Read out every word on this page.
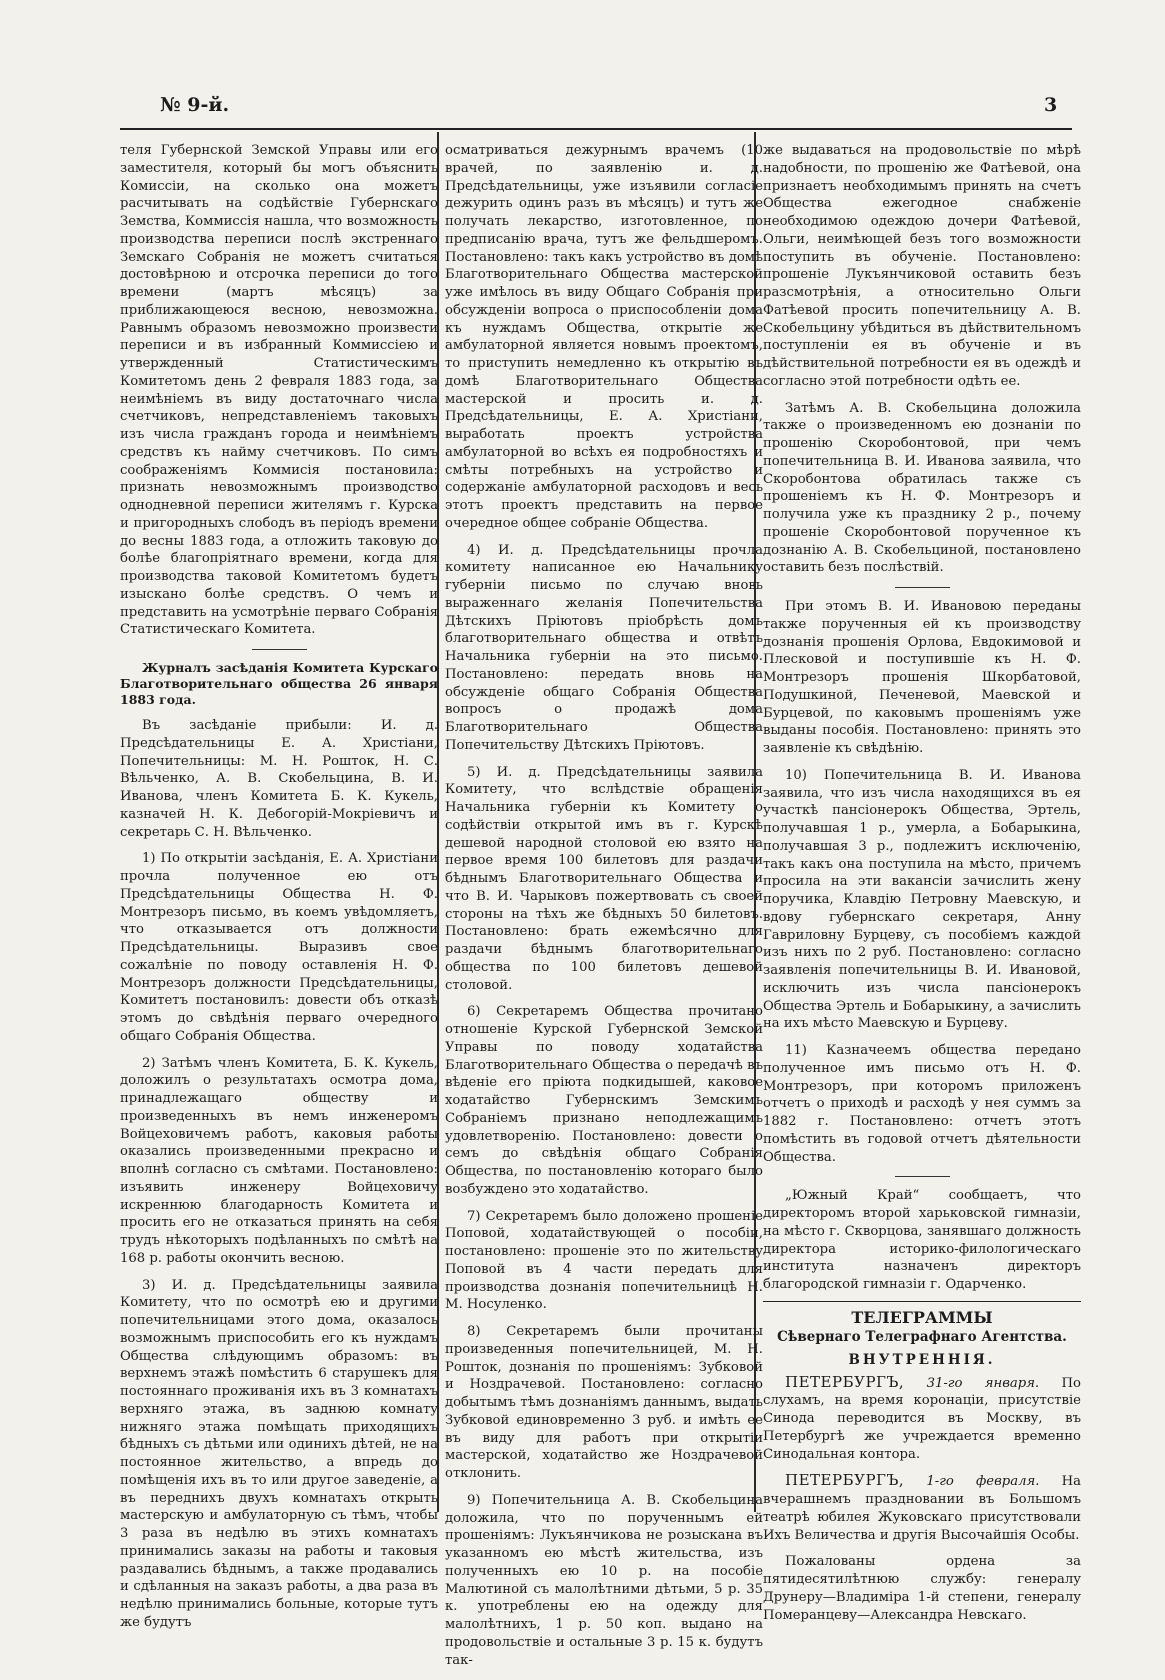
№ 9-й.	3

теля Губернской Земской Управы или его заместителя, который бы могъ объяснить Комиссiи, на сколько она можетъ расчитывать на содѣйствiе Губернскаго Земства, Коммиссiя нашла, что возможность производства переписи послѣ экстреннаго Земскаго Собранiя не можетъ считаться достовѣрною и отсрочка переписи до того времени (мартъ мѣсяцъ) за приближающеюся весною, невозможна. Равнымъ образомъ невозможно произвести переписи и въ избранный Коммиссiею и утвержденный Статистическимъ Комитетомъ день 2 февраля 1883 года, за неимѣнiемъ въ виду достаточнаго числа счетчиковъ, непредставленiемъ таковыхъ изъ числа гражданъ города и неимѣнiемъ средствъ къ найму счетчиковъ. По симъ соображенiямъ Коммисiя постановила: признать невозможнымъ производство однодневной переписи жителямъ г. Курска и пригородныхъ слободъ въ перiодъ времени до весны 1883 года, а отложить таковую до болѣе благопрiятнаго времени, когда для производства таковой Комитетомъ будетъ изыскано болѣе средствъ. О чемъ и представить на усмотрѣнiе перваго Собранiя Статистическаго Комитета.

Журналъ засѣданiя Комитета Курскаго Благотворительнаго общества 26 января 1883 года.

Въ засѣданiе прибыли: И. д. Предсѣдательницы Е. А. Христiани, Попечительницы: М. Н. Рошток, Н. С. Вѣльченко, А. В. Скобельцина, В. И. Иванова, членъ Комитета Б. К. Кукель, казначей Н. К. Дебогорiй-Мокрiевичъ и секретарь С. Н. Вѣльченко.

1) По открытiи засѣданiя, Е. А. Христiани прочла полученное ею отъ Предсѣдательницы Общества Н. Ф. Монтрезоръ письмо, въ коемъ увѣдомляетъ, что отказывается отъ должности Предсѣдательницы. Выразивъ свое сожалѣнiе по поводу оставленiя Н. Ф. Монтрезоръ должности Предсѣдательницы, Комитетъ постановилъ: довести объ отказѣ этомъ до свѣдѣнiя перваго очередного общаго Собранiя Общества.

2) Затѣмъ членъ Комитета, Б. К. Кукель, доложилъ о результатахъ осмотра дома, принадлежащаго обществу и произведенныхъ въ немъ инженеромъ Войцеховичемъ работъ, каковыя работы оказались произведенными прекрасно и вполнѣ согласно съ смѣтами. Постановлено: изъявить инженеру Войцеховичу искреннюю благодарность Комитета и просить его не отказаться принять на себя трудъ нѣкоторыхъ подѣланныхъ по смѣтѣ на 168 р. работы окончить весною.

3) И. д. Предсѣдательницы заявила Комитету, что по осмотрѣ ею и другими попечительницами этого дома, оказалось возможнымъ приспособить его къ нуждамъ Общества слѣдующимъ образомъ: въ верхнемъ этажѣ помѣстить 6 старушекъ для постояннаго проживанiя ихъ въ 3 комнатахъ верхняго этажа, въ заднюю комнату нижняго этажа помѣщать приходящихъ бѣдныхъ съ дѣтьми или одинихъ дѣтей, не на постоянное жительство, а впредь до помѣщенiя ихъ въ то или другое заведенiе, а въ переднихъ двухъ комнатахъ открыть мастерскую и амбулаторную съ тѣмъ, чтобы 3 раза въ недѣлю въ этихъ комнатахъ принимались заказы на работы и таковыя раздавались бѣднымъ, а также продавались и сдѣланныя на заказъ работы, а два раза въ недѣлю принимались больные, которые тутъ же будутъ

осматриваться дежурнымъ врачемъ (10 врачей, по заявленiю и. д. Предсѣдательницы, уже изъявили согласiе дежурить одинъ разъ въ мѣсяцъ) и тутъ же получать лекарство, изготовленное, по предписанiю врача, тутъ же фельдшеромъ. Постановлено: такъ какъ устройство въ домѣ Благотворительнаго Общества мастерской уже имѣлось въ виду Общаго Собранiя при обсужденiи вопроса о приспособленiи дома къ нуждамъ Общества, открытiе же амбулаторной является новымъ проектомъ, то приступить немедленно къ открытiю въ домѣ Благотворительнаго Общества мастерской и просить и. д. Предсѣдательницы, Е. А. Христiани, выработать проектъ устройства амбулаторной во всѣхъ ея подробностяхъ и смѣты потребныхъ на устройство и содержанiе амбулаторной расходовъ и весь этотъ проектъ представить на первое очередное общее собранiе Общества.

4) И. д. Предсѣдательницы прочла комитету написанное ею Начальнику губернiи письмо по случаю вновь выраженнаго желанiя Попечительства Дѣтскихъ Прiютовъ прiобрѣсть домъ благотворительнаго общества и отвѣтъ Начальника губернiи на это письмо. Постановлено: передать вновь на обсужденiе общаго Собранiя Общества вопросъ о продажѣ дома Благотворительнаго Общества Попечительству Дѣтскихъ Прiютовъ.

5) И. д. Предсѣдательницы заявила Комитету, что вслѣдствiе обращенiя Начальника губернiи къ Комитету о содѣйствiи открытой имъ въ г. Курскѣ дешевой народной столовой ею взято на первое время 100 билетовъ для раздачи бѣднымъ Благотворительнаго Общества и что В. И. Чарыковъ пожертвовать съ своей стороны на тѣхъ же бѣдныхъ 50 билетовъ. Постановлено: брать ежемѣсячно для раздачи бѣднымъ благотворительнаго общества по 100 билетовъ дешевой столовой.

6) Секретаремъ Общества прочитано отношенiе Курской Губернской Земской Управы по поводу ходатайства Благотворительнаго Общества о передачѣ въ вѣденiе его прiюта подкидышей, каковое ходатайство Губернскимъ Земскимъ Собранiемъ признано неподлежащимъ удовлетворенiю. Постановлено: довести о семъ до свѣдѣнiя общаго Собранiя Общества, по постановленiю котораго было возбуждено это ходатайство.

7) Секретаремъ было доложено прошенiе Поповой, ходатайствующей о пособiи, постановлено: прошенiе это по жительству Поповой въ 4 части передать для производства дознанiя попечительницѣ Н. М. Носуленко.

8) Секретаремъ были прочитаны произведенныя попечительницей, М. Н. Рошток, дознанiя по прошенiямъ: Зубковой и Ноздрачевой. Постановлено: согласно добытымъ тѣмъ дознанiямъ даннымъ, выдать Зубковой единовременно 3 руб. и имѣть ее въ виду для работъ при открытiи мастерской, ходатайство же Ноздрачевой отклонить.

9) Попечительница А. В. Скобельцина доложила, что по порученнымъ ей прошенiямъ: Лукъянчикова не розыскана въ указанномъ ею мѣстѣ жительства, изъ полученныхъ ею 10 р. на пособiе Малютиной съ малолѣтними дѣтьми, 5 р. 35 к. употреблены ею на одежду для малолѣтнихъ, 1 р. 50 коп. выдано на продовольствiе и остальные 3 р. 15 к. будутъ так-

же выдаваться на продовольствiе по мѣрѣ надобности, по прошенiю же Фатѣевой, она признаетъ необходимымъ принять на счетъ Общества ежегодное снабженiе необходимою одеждою дочери Фатѣевой, Ольги, неимѣющей безъ того возможности поступить въ обученiе. Постановлено: прошенiе Лукъянчиковой оставить безъ разсмотрѣнiя, а относительно Ольги Фатѣевой просить попечительницу А. В. Скобельцину убѣдиться въ дѣйствительномъ поступленiи ея въ обученiе и въ дѣйствительной потребности ея въ одеждѣ и согласно этой потребности одѣть ее.

Затѣмъ А. В. Скобельцина доложила также о произведенномъ ею дознанiи по прошенiю Скоробонтовой, при чемъ попечительница В. И. Иванова заявила, что Скоробонтова обратилась также съ прошенiемъ къ Н. Ф. Монтрезоръ и получила уже къ празднику 2 р., почему прошенiе Скоробонтовой порученное къ дознанiю А. В. Скобельциной, постановлено оставить безъ послѣствiй.

При этомъ В. И. Ивановою переданы также порученныя ей къ производству дознанiя прошенiя Орлова, Евдокимовой и Плесковой и поступившiе къ Н. Ф. Монтрезоръ прошенiя Шкорбатовой, Подушкиной, Печеневой, Маевской и Бурцевой, по каковымъ прошенiямъ уже выданы пособiя. Постановлено: принять это заявленiе къ свѣдѣнiю.

10) Попечительница В. И. Иванова заявила, что изъ числа находящихся въ ея участкѣ пансiонерокъ Общества, Эртель, получавшая 1 р., умерла, а Бобарыкина, получавшая 3 р., подлежитъ исключенiю, такъ какъ она поступила на мѣсто, причемъ просила на эти вакансiи зачислить жену поручика, Клавдiю Петровну Маевскую, и вдову губернскаго секретаря, Анну Гавриловну Бурцеву, съ пособiемъ каждой изъ нихъ по 2 руб. Постановлено: согласно заявленiя попечительницы В. И. Ивановой, исключить изъ числа пансiонерокъ Общества Эртель и Бобарыкину, а зачислить на ихъ мѣсто Маевскую и Бурцеву.

11) Казначеемъ общества передано полученное имъ письмо отъ Н. Ф. Монтрезоръ, при которомъ приложенъ отчетъ о приходѣ и расходѣ у нея суммъ за 1882 г. Постановлено: отчетъ этотъ помѣстить въ годовой отчетъ дѣятельности Общества.

„Южный Край“ сообщаетъ, что директоромъ второй харьковской гимназiи, на мѣсто г. Скворцова, занявшаго должность директора историко-филологическаго института назначенъ директоръ благородской гимназiи г. Одарченко.

ТЕЛЕГРАММЫ
Сѣвернаго Телеграфнаго Агентства.
ВНУТРЕННIЯ.

ПЕТЕРБУРГЪ, 31-го января. По слухамъ, на время коронацiи, присутствiе Синода переводится въ Москву, въ Петербургѣ же учреждается временно Синодальная контора.

ПЕТЕРБУРГЪ, 1-го февраля. На вчерашнемъ праздновании въ Большомъ театрѣ юбилея Жуковскаго присутствовали Ихъ Величества и другiя Высочайшiя Особы.

Пожалованы ордена за пятидесятилѣтнюю службу: генералу Друнеру—Владимiра 1-й степени, генералу Померанцеву—Александра Невскаго.
